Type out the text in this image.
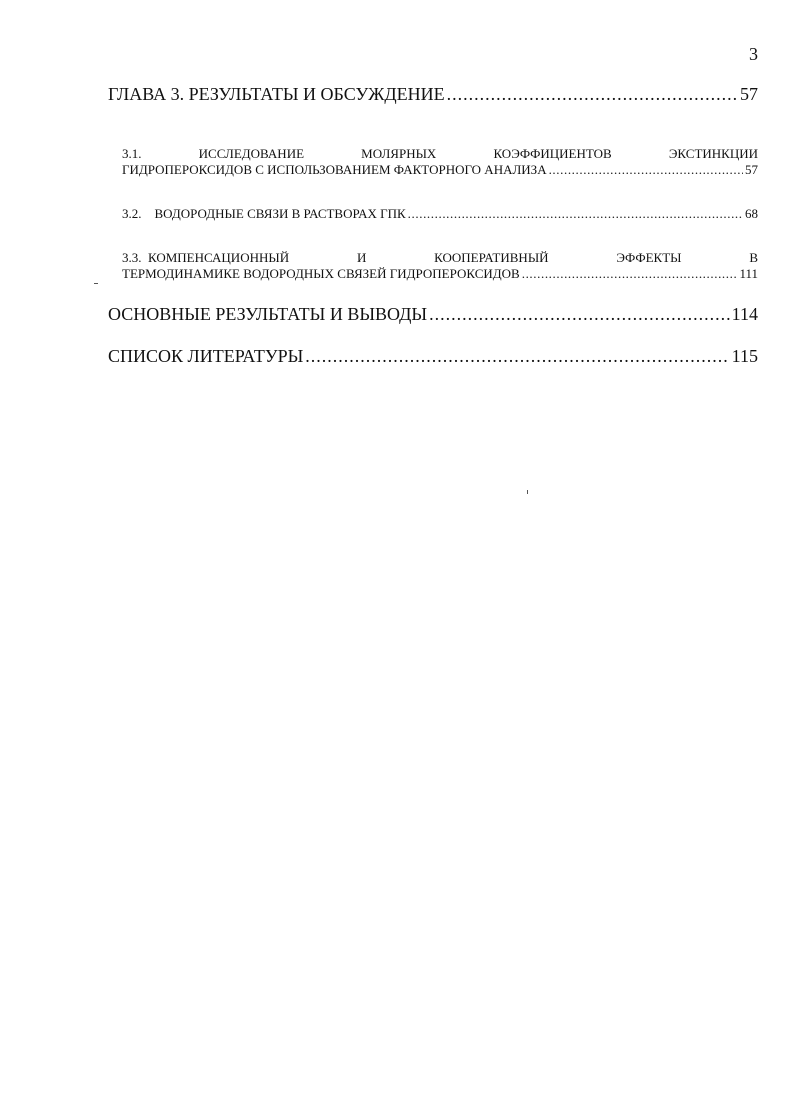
3
ГЛАВА 3. РЕЗУЛЬТАТЫ И ОБСУЖДЕНИЕ .....	57
3.1.	ИССЛЕДОВАНИЕ	МОЛЯРНЫХ	КОЭФФИЦИЕНТОВ	ЭКСТИНКЦИИ
ГИДРОПЕРОКСИДОВ С ИСПОЛЬЗОВАНИЕМ ФАКТОРНОГО АНАЛИЗА .....	57
3.2. ВОДОРОДНЫЕ СВЯЗИ В РАСТВОРАХ ГПК .....	68
3.3. КОМПЕНСАЦИОННЫЙ	И	КООПЕРАТИВНЫЙ	ЭФФЕКТЫ	В
ТЕРМОДИНАМИКЕ ВОДОРОДНЫХ СВЯЗЕЙ ГИДРОПЕРОКСИДОВ .....	111
ОСНОВНЫЕ РЕЗУЛЬТАТЫ И ВЫВОДЫ .....	114
СПИСОК ЛИТЕРАТУРЫ .....	115
